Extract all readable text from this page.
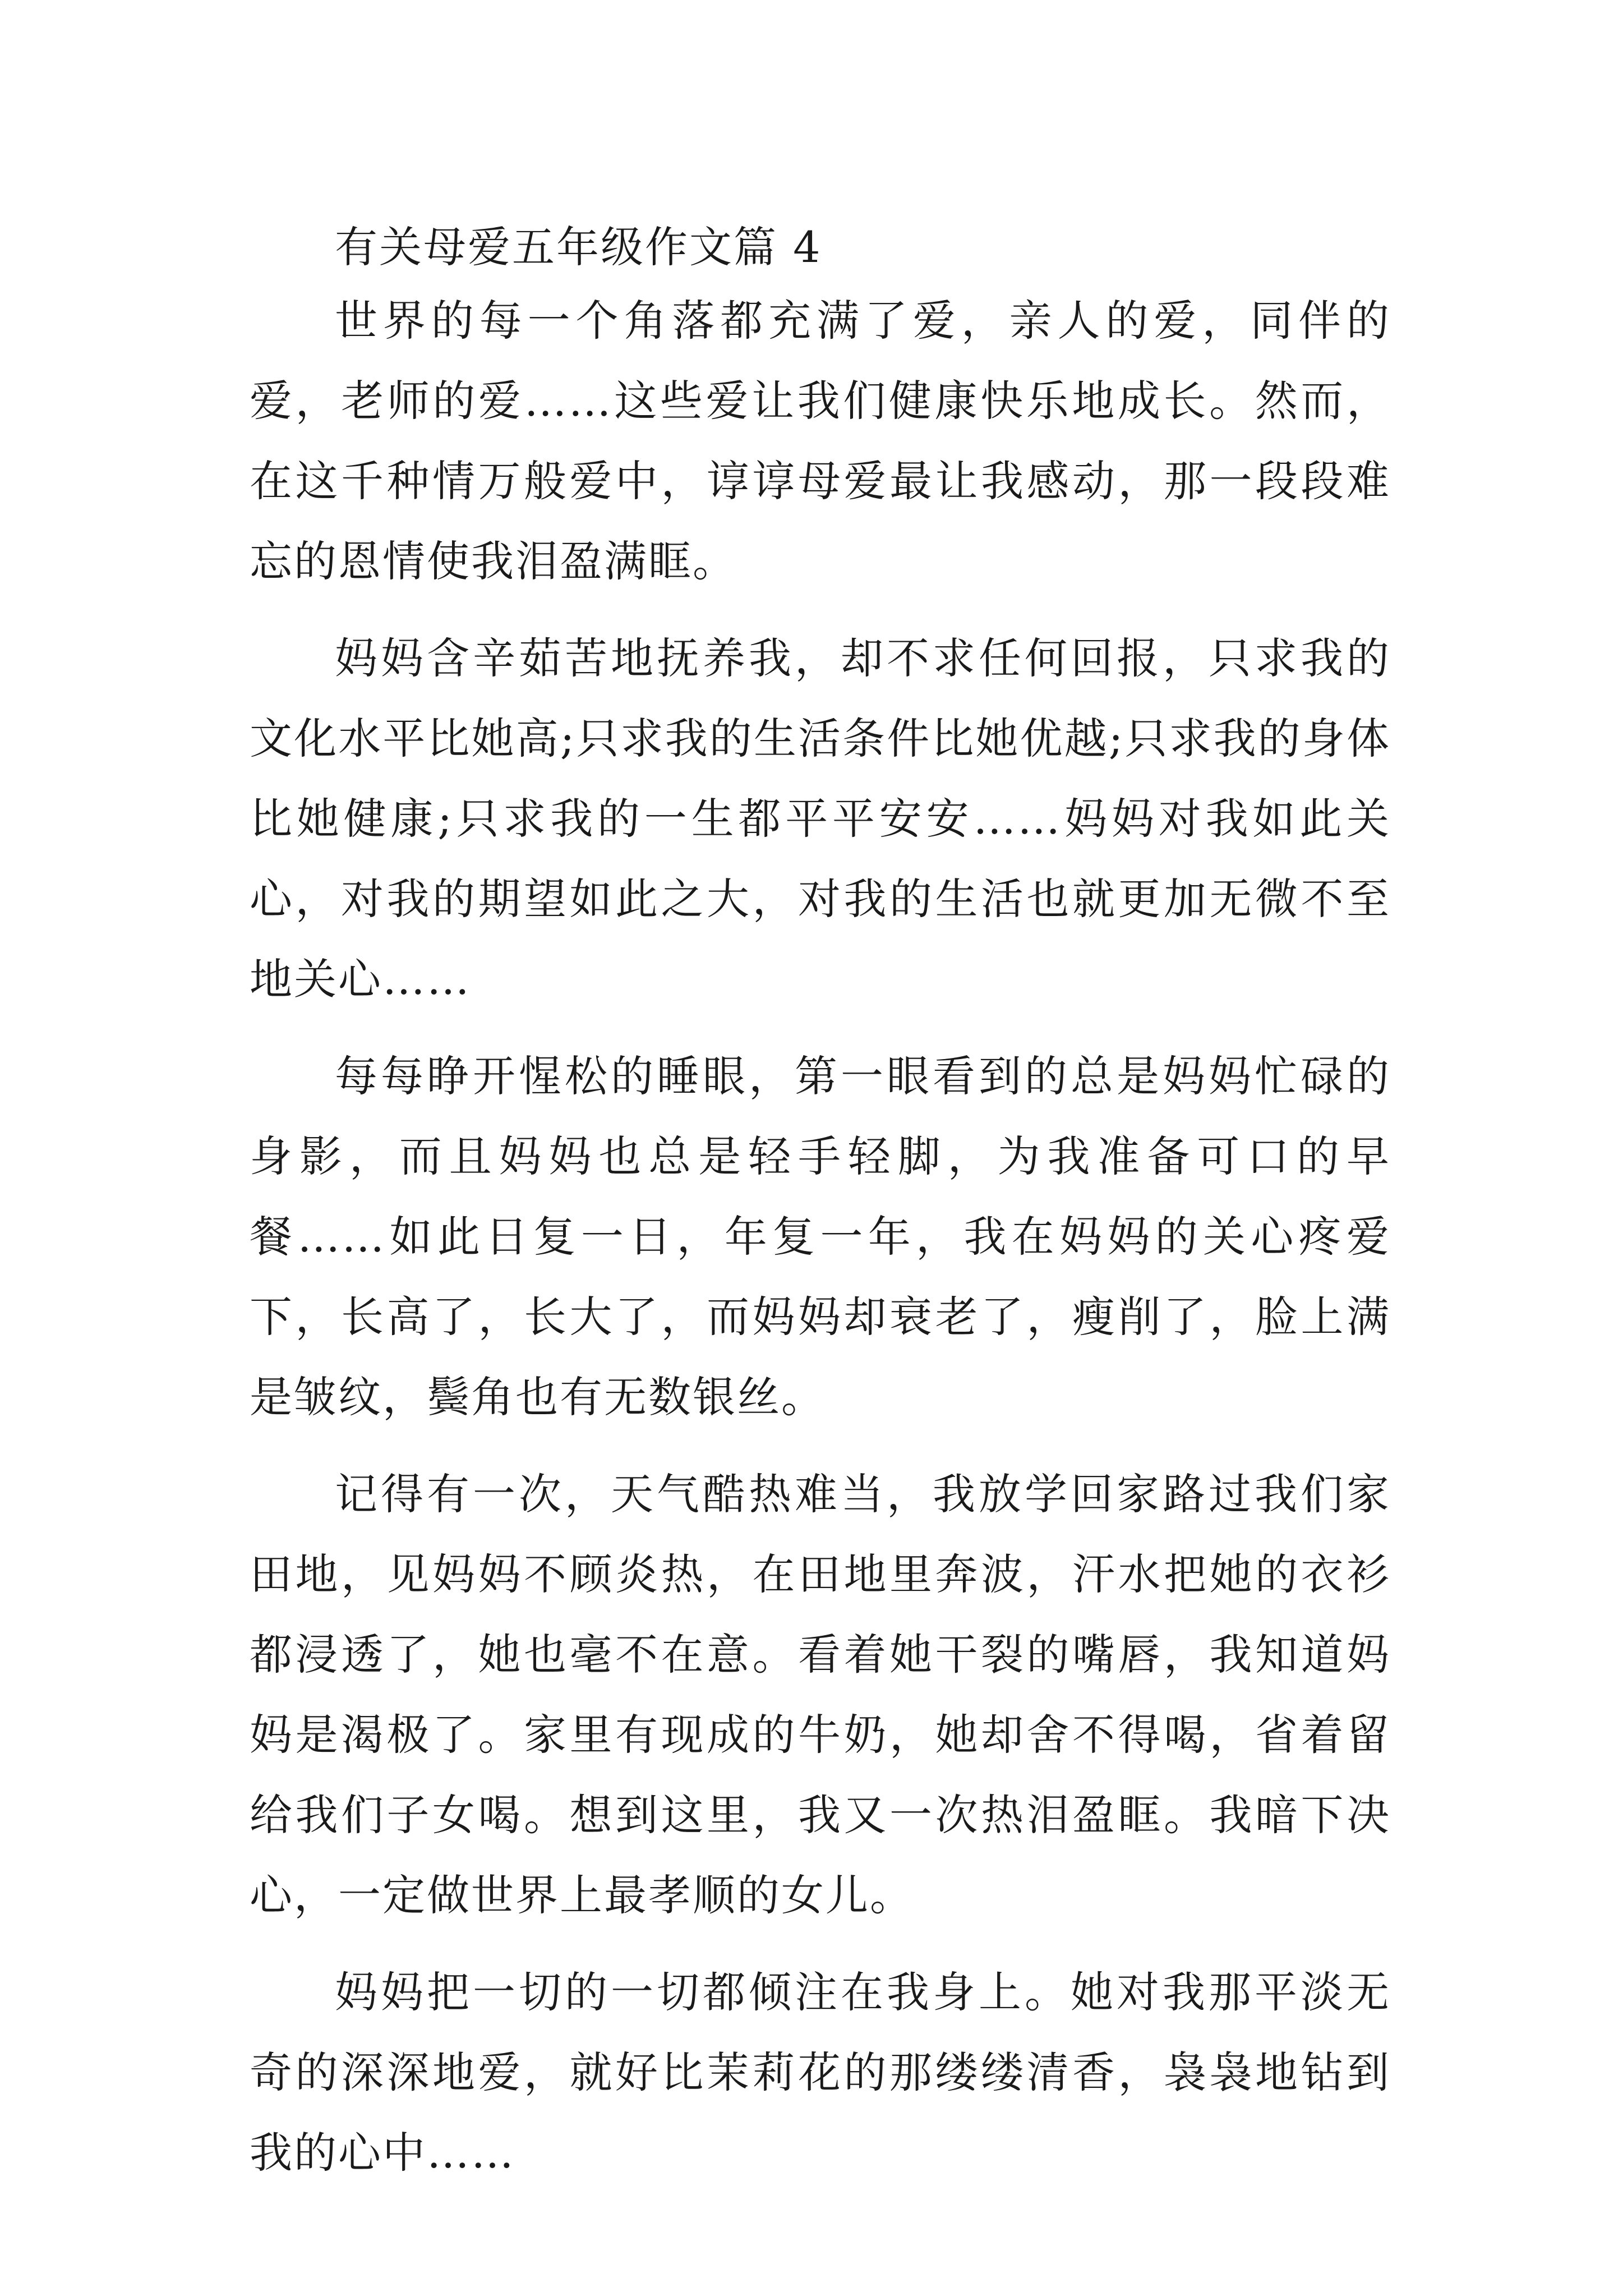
有关母爱五年级作文篇 4

世界的每一个角落都充满了爱，亲人的爱，同伴的爱，老师的爱……这些爱让我们健康快乐地成长。然而，在这千种情万般爱中，谆谆母爱最让我感动，那一段段难忘的恩情使我泪盈满眶。

妈妈含辛茹苦地抚养我，却不求任何回报，只求我的文化水平比她高;只求我的生活条件比她优越;只求我的身体比她健康;只求我的一生都平平安安……妈妈对我如此关心，对我的期望如此之大，对我的生活也就更加无微不至地关心……

每每睁开惺松的睡眼，第一眼看到的总是妈妈忙碌的身影，而且妈妈也总是轻手轻脚，为我准备可口的早餐……如此日复一日，年复一年，我在妈妈的关心疼爱下，长高了，长大了，而妈妈却衰老了，瘦削了，脸上满是皱纹，鬓角也有无数银丝。

记得有一次，天气酷热难当，我放学回家路过我们家田地，见妈妈不顾炎热，在田地里奔波，汗水把她的衣衫都浸透了，她也毫不在意。看着她干裂的嘴唇，我知道妈妈是渴极了。家里有现成的牛奶，她却舍不得喝，省着留给我们子女喝。想到这里，我又一次热泪盈眶。我暗下决心，一定做世界上最孝顺的女儿。

妈妈把一切的一切都倾注在我身上。她对我那平淡无奇的深深地爱，就好比茉莉花的那缕缕清香，袅袅地钻到我的心中……
